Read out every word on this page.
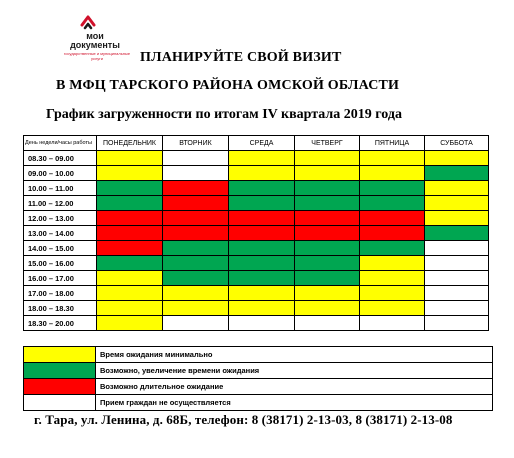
мои
документы
государственные и муниципальные услуги	ПЛАНИРУЙТЕ СВОЙ ВИЗИТ
В МФЦ ТАРСКОГО РАЙОНА ОМСКОЙ ОБЛАСТИ
График загруженности по итогам IV квартала 2019 года
День недели/часы работы	ПОНЕДЕЛЬНИК	ВТОРНИК	СРЕДА	ЧЕТВЕРГ	ПЯТНИЦА	СУББОТА
08.30 – 09.00						
09.00 – 10.00						
10.00 – 11.00						
11.00 – 12.00						
12.00 – 13.00						
13.00 – 14.00						
14.00 – 15.00						
15.00 – 16.00						
16.00 – 17.00						
17.00 – 18.00						
18.00 – 18.30						
18.30 – 20.00						
	Время ожидания минимально
	Возможно, увеличение времени ожидания
	Возможно длительное ожидание
	Прием граждан не осуществляется
г. Тара, ул. Ленина, д. 68Б, телефон: 8 (38171) 2-13-03, 8 (38171) 2-13-08
